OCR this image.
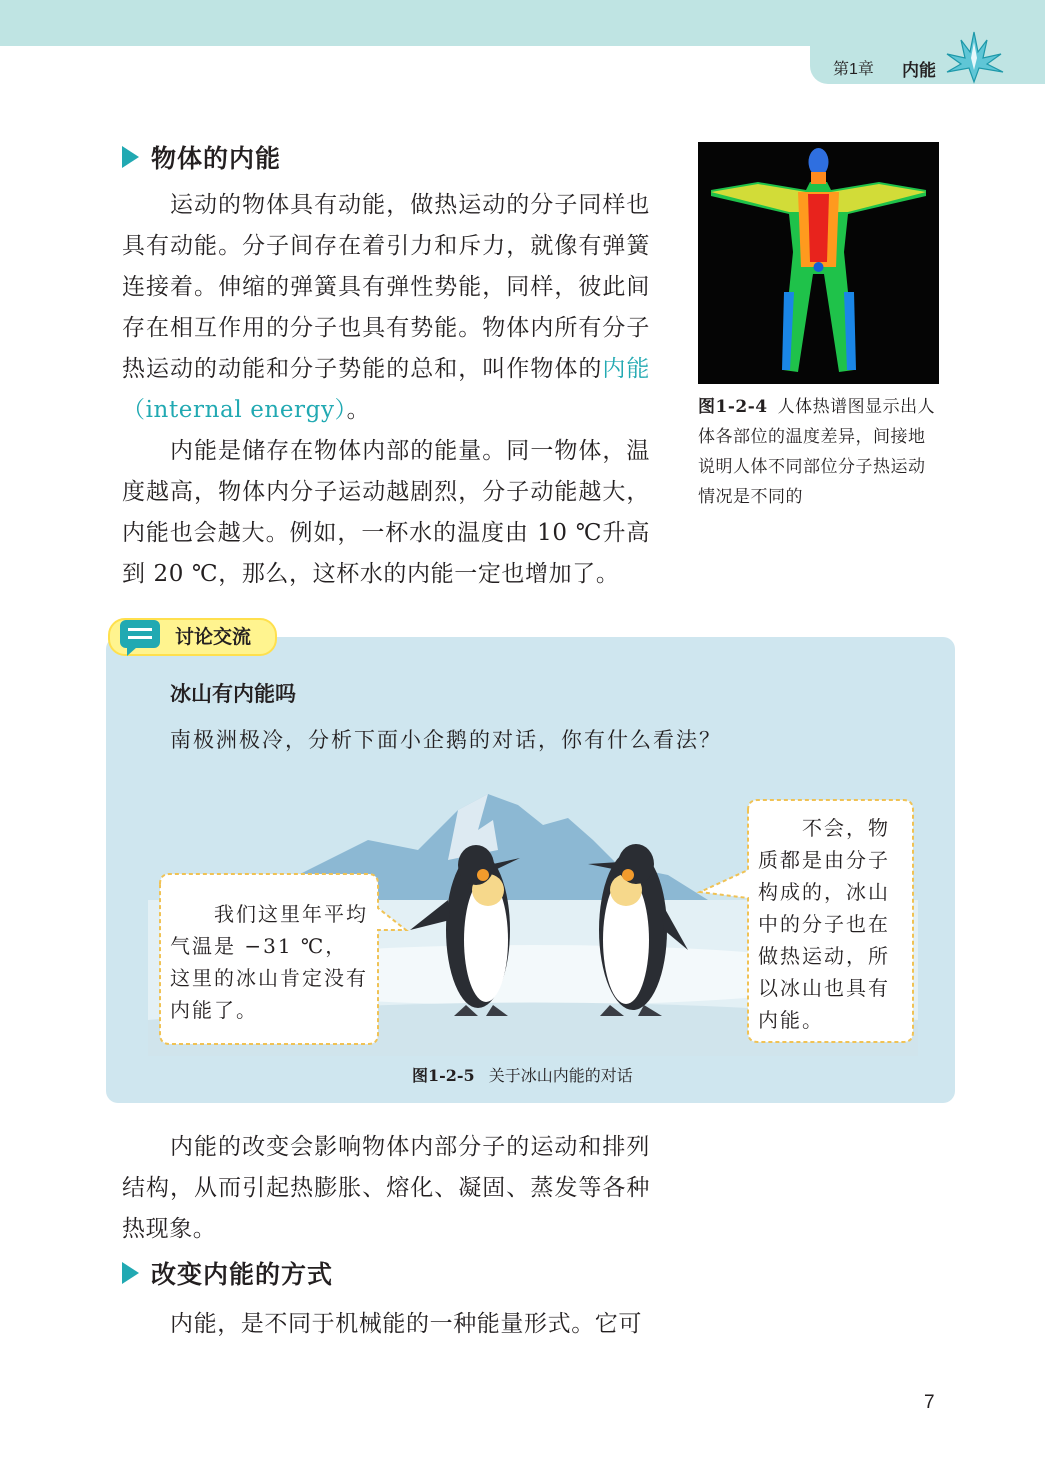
第1章 内能
物体的内能

运动的物体具有动能，做热运动的分子同样也具有动能。分子间存在着引力和斥力，就像有弹簧连接着。伸缩的弹簧具有弹性势能，同样，彼此间存在相互作用的分子也具有势能。物体内所有分子热运动的动能和分子势能的总和，叫作物体的内能（internal energy）。

内能是储存在物体内部的能量。同一物体，温度越高，物体内分子运动越剧烈，分子动能越大，内能也会越大。例如，一杯水的温度由 10 ℃升高到 20 ℃，那么，这杯水的内能一定也增加了。

图1-2-4 人体热谱图显示出人体各部位的温度差异，间接地说明人体不同部位分子热运动情况是不同的
讨论交流
冰山有内能吗
南极洲极冷，分析下面小企鹅的对话，你有什么看法？
我们这里年平均气温是 −31 ℃，这里的冰山肯定没有内能了。
不会，物质都是由分子构成的，冰山中的分子也在做热运动，所以冰山也具有内能。
图1-2-5 关于冰山内能的对话

内能的改变会影响物体内部分子的运动和排列结构，从而引起热膨胀、熔化、凝固、蒸发等各种热现象。

改变内能的方式

内能，是不同于机械能的一种能量形式。它可

7
